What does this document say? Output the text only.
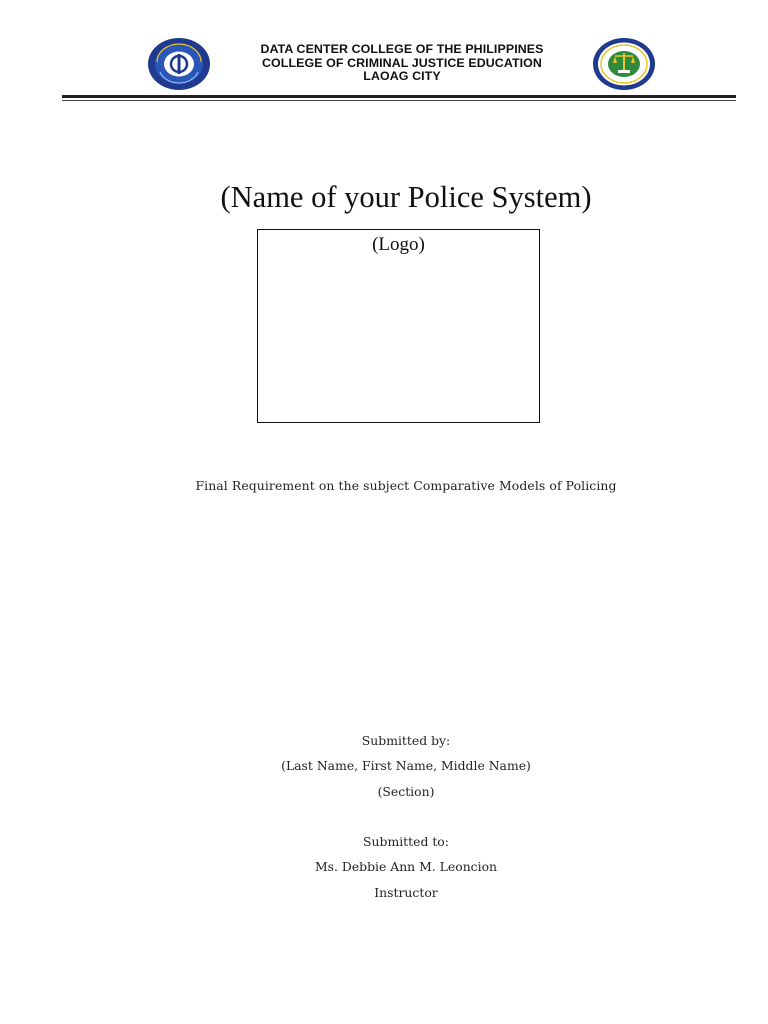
DATA CENTER COLLEGE OF THE PHILIPPINES
COLLEGE OF CRIMINAL JUSTICE EDUCATION
LAOAG CITY
(Name of your Police System)
(Logo)
Final Requirement on the subject Comparative Models of Policing
Submitted by:
(Last Name, First Name, Middle Name)
(Section)
Submitted to:
Ms. Debbie Ann M. Leoncion
Instructor
